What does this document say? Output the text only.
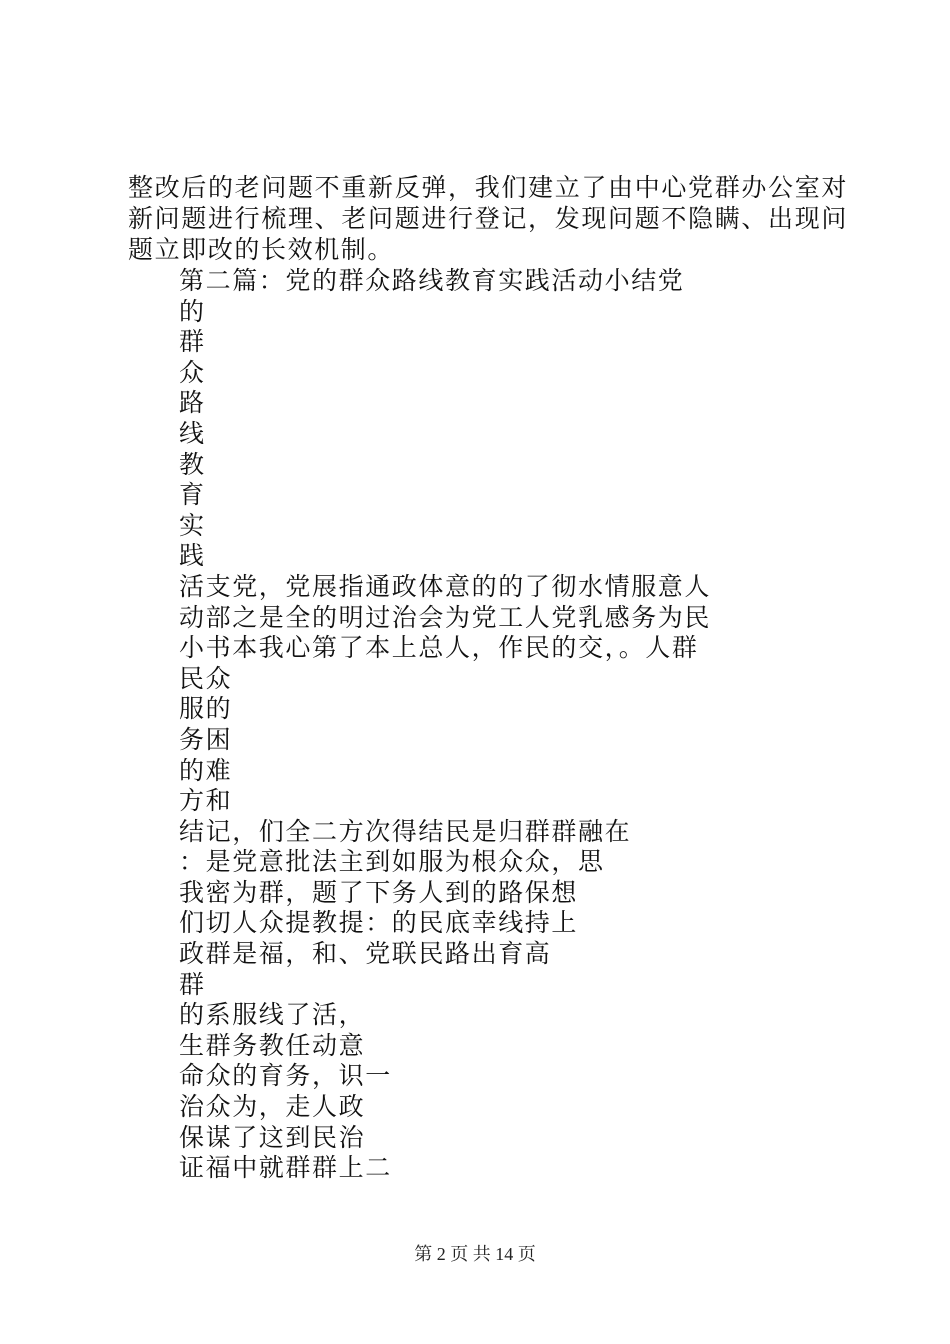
整改后的老问题不重新反弹，我们建立了由中心党群办公室对新问题进行梳理、老问题进行登记，发现问题不隐瞒、出现问题立即改的长效机制。

第二篇：党的群众路线教育实践活动小结党
的
群
众
路
线
教
育
实
践
活支党，党展指通政体意的的了彻水情服意人
动部之是全的明过治会为党工人党乳感务为民
小书本我心第了本上总人，作民的交，。人群
民众
服的
务困
的难
方和
结记，们全二方次得结民是归群群融在
：是党意批法主到如服为根众众，思
我密为群，题了下务人到的路保想
们切人众提教提：的民底幸线持上
政群是福，和、党联民路出育高
群
的系服线了活，
生群务教任动意
命众的育务，识一
治众为，走人政
保谋了这到民治
证福中就群群上二
第 2 页 共 14 页
